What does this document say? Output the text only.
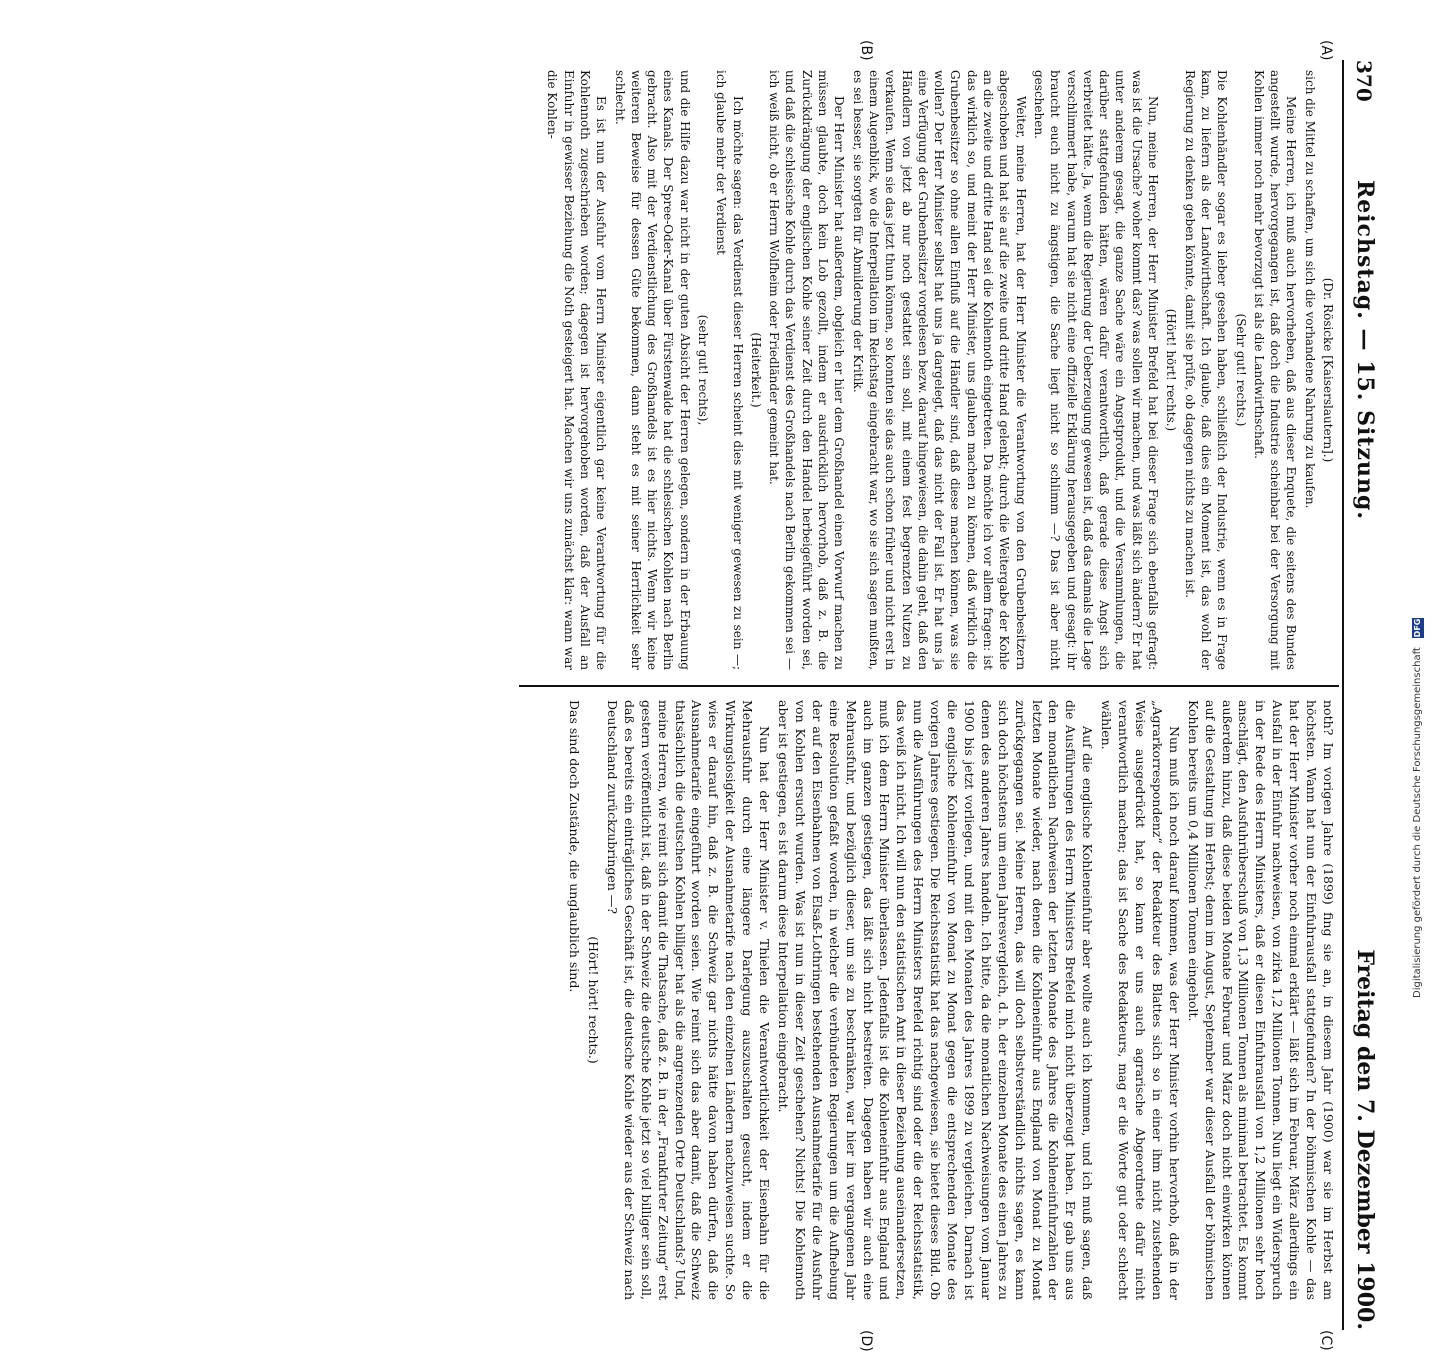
370
Reichstag. — 15. Sitzung.
Freitag den 7. Dezember 1900.
(A)
(B)
(C)
(D)

(Dr. Rösicke [Kaiserslautern].)

sich die Mittel zu schaffen, um sich die vorhandene Nahrung zu kaufen.

Meine Herren, ich muß auch hervorheben, daß aus dieser Enquete, die seitens des Bundes angestellt wurde, hervorgegangen ist, daß doch die Industrie scheinbar bei der Versorgung mit Kohlen immer noch mehr bevorzugt ist als die Landwirthschaft.

(Sehr gut! rechts.)

Die Kohlenhändler sogar es lieber gesehen haben, schließlich der Industrie, wenn es in Frage kam, zu liefern als der Landwirthschaft. Ich glaube, daß dies ein Moment ist, das wohl der Regierung zu denken geben könnte, damit sie prüfe, ob dagegen nichts zu machen ist.

(Hört! hört! rechts.)

Nun, meine Herren, der Herr Minister Brefeld hat bei dieser Frage sich ebenfalls gefragt: was ist die Ursache? woher kommt das? was sollen wir machen, und was läßt sich ändern? Er hat unter anderem gesagt, die ganze Sache wäre ein Angstprodukt, und die Versammlungen, die darüber stattgefunden hätten, wären dafür verantwortlich, daß gerade diese Angst sich verbreitet hätte. Ja, wenn die Regierung der Ueberzeugung gewesen ist, daß das damals die Lage verschlimmert habe, warum hat sie nicht eine offizielle Erklärung herausgegeben und gesagt: ihr braucht euch nicht zu ängstigen, die Sache liegt nicht so schlimm —? Das ist aber nicht geschehen.

Weiter, meine Herren, hat der Herr Minister die Verantwortung von den Grubenbesitzern abgeschoben und hat sie auf die zweite und dritte Hand gelenkt; durch die Weitergabe der Kohle an die zweite und dritte Hand sei die Kohlennoth eingetreten. Da möchte ich vor allem fragen: ist das wirklich so, und meint der Herr Minister, uns glauben machen zu können, daß wirklich die Grubenbesitzer so ohne allen Einfluß auf die Händler sind, daß diese machen können, was sie wollen? Der Herr Minister selbst hat uns ja dargelegt, daß das nicht der Fall ist. Er hat uns ja eine Verfügung der Grubenbesitzer vorgelesen bezw. darauf hingewiesen, die dahin geht, daß den Händlern von jetzt ab nur noch gestattet sein soll, mit einem fest begrenzten Nutzen zu verkaufen. Wenn sie das jetzt thun können, so konnten sie das auch schon früher und nicht erst in einem Augenblick, wo die Interpellation im Reichstag eingebracht war, wo sie sich sagen mußten, es sei besser, sie sorgten für Abmilderung der Kritik.

Der Herr Minister hat außerdem, obgleich er hier dem Großhandel einen Vorwurf machen zu müssen glaubte, doch kein Lob gezollt, indem er ausdrücklich hervorhob, daß z. B. die Zurückdrängung der englischen Kohle seiner Zeit durch den Handel herbeigeführt worden sei, und daß die schlesische Kohle durch das Verdienst des Großhandels nach Berlin gekommen sei — ich weiß nicht, ob er Herrn Wolfheim oder Friedländer gemeint hat.

(Heiterkeit.)

Ich möchte sagen: das Verdienst dieser Herren scheint dies mit weniger gewesen zu sein —; ich glaube mehr der Verdienst

(sehr gut! rechts),

und die Hilfe dazu war nicht in der guten Absicht der Herren gelegen, sondern in der Erbauung eines Kanals. Der Spree-Oder-Kanal über Fürstenwalde hat die schlesischen Kohlen nach Berlin gebracht. Also mit der Verdienstlichung des Großhandels ist es hier nichts. Wenn wir keine weiteren Beweise für dessen Güte bekommen, dann steht es mit seiner Herrlichkeit sehr schlecht.

Es ist nun der Ausfuhr vom Herrn Minister eigentlich gar keine Verantwortung für die Kohlennoth zugeschrieben worden; dagegen ist hervorgehoben worden, daß der Ausfall an Einfuhr in gewisser Beziehung die Noth gesteigert hat. Machen wir uns zunächst klar: wann war die Kohlen-

noth? Im vorigen Jahre (1899) fing sie an, in diesem Jahr (1900) war sie im Herbst am höchsten. Wann hat nun der Einfuhrausfall stattgefunden? In der böhmischen Kohle — das hat der Herr Minister vorher noch einmal erklärt — läßt sich im Februar, März allerdings ein Ausfall in der Einfuhr nachweisen, von zirka 1,2 Millionen Tonnen. Nun liegt ein Widerspruch in der Rede des Herrn Ministers, daß er diesen Einfuhrausfall von 1,2 Millionen sehr hoch anschlägt, den Ausfuhrüberschuß von 1,3 Millionen Tonnen als minimal betrachtet. Es kommt außerdem hinzu, daß diese beiden Monate Februar und März doch nicht einwirken können auf die Gestaltung im Herbst; denn im August, September war dieser Ausfall der böhmischen Kohlen bereits um 0,4 Millionen Tonnen eingeholt.

Nun muß ich noch darauf kommen, was der Herr Minister vorhin hervorhob, daß in der „Agrarkorrespondenz“ der Redakteur des Blattes sich so in einer ihm nicht zustehenden Weise ausgedrückt hat, so kann er uns auch agrarische Abgeordnete dafür nicht verantwortlich machen; das ist Sache des Redakteurs, mag er die Worte gut oder schlecht wählen.

Auf die englische Kohleneinfuhr aber wollte auch ich kommen, und ich muß sagen, daß die Ausführungen des Herrn Ministers Brefeld mich nicht überzeugt haben. Er gab uns aus den monatlichen Nachweisen der letzten Monate des Jahres die Kohleneinfuhrzahlen der letzten Monate wieder, nach denen die Kohleneinfuhr aus England von Monat zu Monat zurückgegangen sei. Meine Herren, das will doch selbstverständlich nichts sagen, es kann sich doch höchstens um einen Jahresvergleich, d. h. der einzelnen Monate des einen Jahres zu denen des anderen Jahres handeln. Ich bitte, da die monatlichen Nachweisungen vom Januar 1900 bis jetzt vorliegen, und mit den Monaten des Jahres 1899 zu vergleichen. Darnach ist die englische Kohleneinfuhr von Monat zu Monat gegen die entsprechenden Monate des vorigen Jahres gestiegen. Die Reichsstatistik hat das nachgewiesen, sie bietet dieses Bild. Ob nun die Ausführungen des Herrn Ministers Brefeld richtig sind oder die der Reichsstatistik, das weiß ich nicht. Ich will nun den statistischen Amt in dieser Beziehung auseinandersetzen, muß ich dem Herrn Minister überlassen. Jedenfalls ist die Kohleneinfuhr aus England und auch im ganzen gestiegen, das läßt sich nicht bestreiten. Dagegen haben wir auch eine Mehrausfuhr, und bezüglich dieser, um sie zu beschränken, war hier im vergangenen Jahr eine Resolution gefaßt worden, in welcher die verbündeten Regierungen um die Aufhebung der auf den Eisenbahnen von Elsaß-Lothringen bestehenden Ausnahmetarife für die Ausfuhr von Kohlen ersucht wurden. Was ist nun in dieser Zeit geschehen? Nichts! Die Kohlennoth aber ist gestiegen, es ist darum diese Interpellation eingebracht.

Nun hat der Herr Minister v. Thielen die Verantwortlichkeit der Eisenbahn für die Mehrausfuhr durch eine längere Darlegung auszuschalten gesucht, indem er die Wirkungslosigkeit der Ausnahmetarife nach den einzelnen Ländern nachzuweisen suchte. So wies er darauf hin, daß z. B. die Schweiz gar nichts hätte davon haben dürfen, daß die Ausnahmetarife eingeführt worden seien. Wie reimt sich das aber damit, daß die Schweiz thatsächlich die deutschen Kohlen billiger hat als die angrenzenden Orte Deutschlands? Und, meine Herren, wie reimt sich damit die Thatsache, daß z. B. in der „Frankfurter Zeitung“ erst gestern veröffentlicht ist, daß in der Schweiz die deutsche Kohle jetzt so viel billiger sein soll, daß es bereits ein einträgliches Geschäft ist, die deutsche Kohle wieder aus der Schweiz nach Deutschland zurückzubringen —?

(Hört! hört! rechts.)

Das sind doch Zustände, die unglaublich sind.	Digitalisierung gefördert durch die Deutsche Forschungsgemeinschaft DFG
